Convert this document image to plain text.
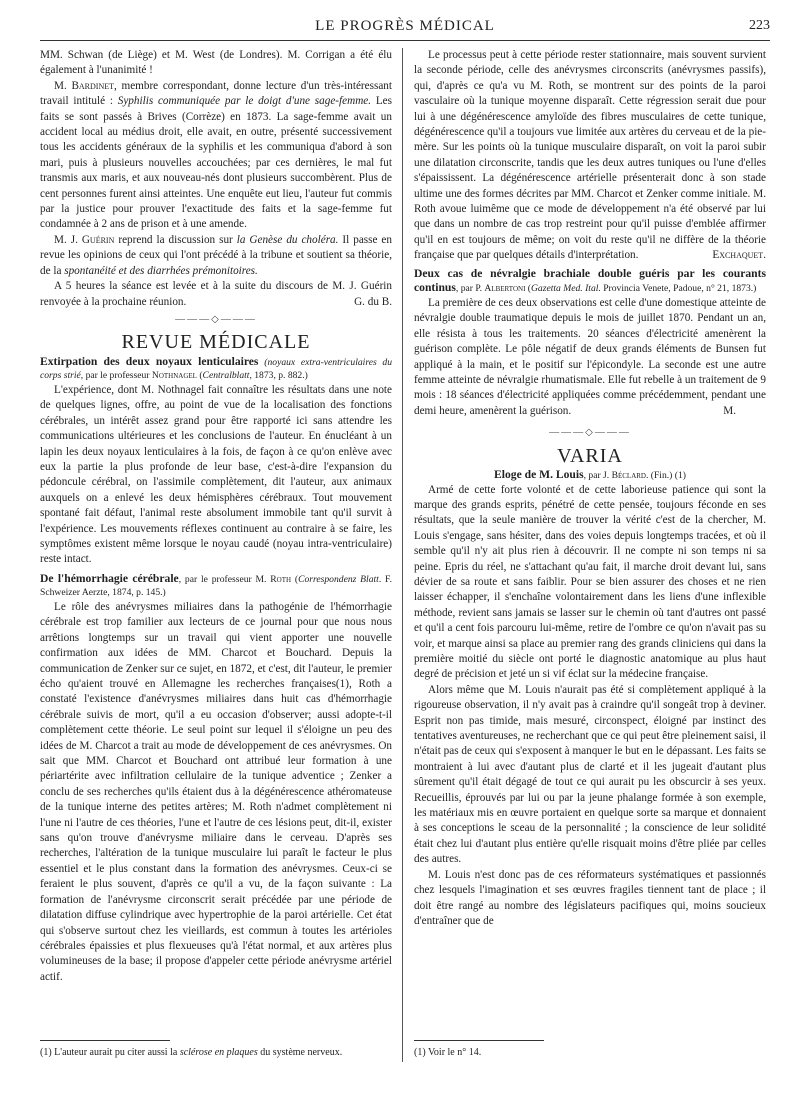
LE PROGRÈS MÉDICAL	223

MM. Schwan (de Liège) et M. West (de Londres). M. Corrigan a été élu également à l'unanimité !

M. Bardinet, membre correspondant, donne lecture d'un très-intéressant travail intitulé : Syphilis communiquée par le doigt d'une sage-femme. Les faits se sont passés à Brives (Corrèze) en 1873. La sage-femme avait un accident local au médius droit, elle avait, en outre, présenté successivement tous les accidents généraux de la syphilis et les communiqua d'abord à son mari, puis à plusieurs nouvelles accouchées; par ces dernières, le mal fut transmis aux maris, et aux nouveau-nés dont plusieurs succombèrent. Plus de cent personnes furent ainsi atteintes. Une enquête eut lieu, l'auteur fut commis par la justice pour prouver l'exactitude des faits et la sage-femme fut condamnée à 2 ans de prison et à une amende.

M. J. Guérin reprend la discussion sur la Genèse du choléra. Il passe en revue les opinions de ceux qui l'ont précédé à la tribune et soutient sa théorie, de la spontanéité et des diarrhées prémonitoires.

A 5 heures la séance est levée et à la suite du discours de M. J. Guérin renvoyée à la prochaine réunion.	G. du B.

———◇———
REVUE MÉDICALE

Extirpation des deux noyaux lenticulaires (noyaux extra-ventriculaires du corps strié, par le professeur Nothnagel (Centralblatt, 1873, p. 882.)

L'expérience, dont M. Nothnagel fait connaître les résultats dans une note de quelques lignes, offre, au point de vue de la localisation des fonctions cérébrales, un intérêt assez grand pour être rapporté ici sans attendre les communications ultérieures et les conclusions de l'auteur. En énucléant à un lapin les deux noyaux lenticulaires à la fois, de façon à ce qu'on enlève avec eux la partie la plus profonde de leur base, c'est-à-dire l'expansion du pédoncule cérébral, on l'assimile complètement, dit l'auteur, aux animaux auxquels on a enlevé les deux hémisphères cérébraux. Tout mouvement spontané fait défaut, l'animal reste absolument immobile tant qu'il survit à l'expérience. Les mouvements réflexes continuent au contraire à se faire, les symptômes existent même lorsque le noyau caudé (noyau intra-ventriculaire) reste intact.

De l'hémorrhagie cérébrale, par le professeur M. Roth (Correspondenz Blatt. F. Schweizer Aerzte, 1874, p. 145.)

Le rôle des anévrysmes miliaires dans la pathogénie de l'hémorrhagie cérébrale est trop familier aux lecteurs de ce journal pour que nous nous arrêtions longtemps sur un travail qui vient apporter une nouvelle confirmation aux idées de MM. Charcot et Bouchard. Depuis la communication de Zenker sur ce sujet, en 1872, et c'est, dit l'auteur, le premier écho qu'aient trouvé en Allemagne les recherches françaises(1), Roth a constaté l'existence d'anévrysmes miliaires dans huit cas d'hémorrhagie cérébrale suivis de mort, qu'il a eu occasion d'observer; aussi adopte-t-il complètement cette théorie. Le seul point sur lequel il s'éloigne un peu des idées de M. Charcot a trait au mode de développement de ces anévrysmes. On sait que MM. Charcot et Bouchard ont attribué leur formation à une périartérite avec infiltration cellulaire de la tunique adventice ; Zenker a conclu de ses recherches qu'ils étaient dus à la dégénérescence athéromateuse de la tunique interne des petites artères; M. Roth n'admet complètement ni l'une ni l'autre de ces théories, l'une et l'autre de ces lésions peut, dit-il, exister sans qu'on trouve d'anévrysme miliaire dans le cerveau. D'après ses recherches, l'altération de la tunique musculaire lui paraît le facteur le plus essentiel et le plus constant dans la formation des anévrysmes. Ceux-ci se feraient le plus souvent, d'après ce qu'il a vu, de la façon suivante : La formation de l'anévrysme circonscrit serait précédée par une période de dilatation diffuse cylindrique avec hypertrophie de la paroi artérielle. Cet état qui s'observe surtout chez les vieillards, est commun à toutes les artérioles cérébrales épaissies et plus flexueuses qu'à l'état normal, et aux artères plus volumineuses de la base; il propose d'appeler cette période anévrysme artériel actif.

(1) L'auteur aurait pu citer aussi la sclérose en plaques du système nerveux.

Le processus peut à cette période rester stationnaire, mais souvent survient la seconde période, celle des anévrysmes circonscrits (anévrysmes passifs), qui, d'après ce qu'a vu M. Roth, se montrent sur des points de la paroi vasculaire où la tunique moyenne disparaît. Cette régression serait due pour lui à une dégénérescence amyloïde des fibres musculaires de cette tunique, dégénérescence qu'il a toujours vue limitée aux artères du cerveau et de la pie-mère. Sur les points où la tunique musculaire disparaît, on voit la paroi subir une dilatation circonscrite, tandis que les deux autres tuniques ou l'une d'elles s'épaississent. La dégénérescence artérielle présenterait donc à son stade ultime une des formes décrites par MM. Charcot et Zenker comme initiale. M. Roth avoue luimême que ce mode de développement n'a été observé par lui que dans un nombre de cas trop restreint pour qu'il puisse d'emblée affirmer qu'il en est toujours de même; on voit du reste qu'il ne diffère de la théorie française que par quelques détails d'interprétation.	Exchaquet.

Deux cas de névralgie brachiale double guéris par les courants continus, par P. Albertoni (Gazetta Med. Ital. Provincia Venete, Padoue, n° 21, 1873.)

La première de ces deux observations est celle d'une domestique atteinte de névralgie double traumatique depuis le mois de juillet 1870. Pendant un an, elle résista à tous les traitements. 20 séances d'électricité amenèrent la guérison complète. Le pôle négatif de deux grands éléments de Bunsen fut appliqué à la main, et le positif sur l'épicondyle. La seconde est une autre femme atteinte de névralgie rhumatismale. Elle fut rebelle à un traitement de 9 mois : 18 séances d'électricité appliquées comme précédemment, pendant une demi heure, amenèrent la guérison.	M.

———◇———
VARIA

Eloge de M. Louis, par J. Béclard. (Fin.) (1)

Armé de cette forte volonté et de cette laborieuse patience qui sont la marque des grands esprits, pénétré de cette pensée, toujours féconde en ses résultats, que la seule manière de trouver la vérité c'est de la chercher, M. Louis s'engage, sans hésiter, dans des voies depuis longtemps tracées, et où il semble qu'il n'y ait plus rien à découvrir. Il ne compte ni son temps ni sa peine. Epris du réel, ne s'attachant qu'au fait, il marche droit devant lui, sans dévier de sa route et sans faiblir. Pour se bien assurer des choses et ne rien laisser échapper, il s'enchaîne volontairement dans les liens d'une inflexible méthode, revient sans jamais se lasser sur le chemin où tant d'autres ont passé et qu'il a cent fois parcouru lui-même, retire de l'ombre ce qu'on n'avait pas su voir, et marque ainsi sa place au premier rang des grands cliniciens qui dans la première moitié du siècle ont porté le diagnostic anatomique au plus haut degré de précision et jeté un si vif éclat sur la médecine française.

Alors même que M. Louis n'aurait pas été si complètement appliqué à la rigoureuse observation, il n'y avait pas à craindre qu'il songeât trop à deviner. Esprit non pas timide, mais mesuré, circonspect, éloigné par instinct des tentatives aventureuses, ne recherchant que ce qui peut être pleinement saisi, il n'était pas de ceux qui s'exposent à manquer le but en le dépassant. Les faits se montraient à lui avec d'autant plus de clarté et il les jugeait d'autant plus sûrement qu'il était dégagé de tout ce qui aurait pu les obscurcir à ses yeux. Recueillis, éprouvés par lui ou par la jeune phalange formée à son exemple, les matériaux mis en œuvre portaient en quelque sorte sa marque et donnaient à ses conceptions le sceau de la personnalité ; la conscience de leur solidité était chez lui d'autant plus entière qu'elle risquait moins d'être pliée par celles des autres.

M. Louis n'est donc pas de ces réformateurs systématiques et passionnés chez lesquels l'imagination et ses œuvres fragiles tiennent tant de place ; il doit être rangé au nombre des législateurs pacifiques qui, moins soucieux d'entraîner que de

(1) Voir le n° 14.
